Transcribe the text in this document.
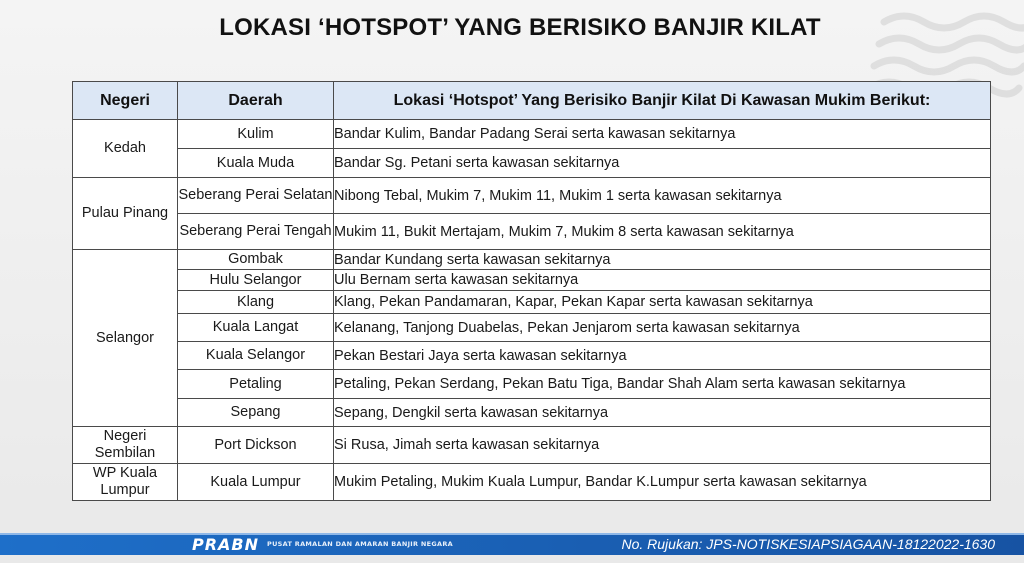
LOKASI ‘HOTSPOT’ YANG BERISIKO BANJIR KILAT
Negeri	Daerah	Lokasi ‘Hotspot’ Yang Berisiko Banjir Kilat Di Kawasan Mukim Berikut:
Kedah	Kulim	Bandar Kulim, Bandar Padang Serai serta kawasan sekitarnya
	Kuala Muda	Bandar Sg. Petani serta kawasan sekitarnya
Pulau Pinang	Seberang Perai Selatan	Nibong Tebal, Mukim 7, Mukim 11, Mukim 1 serta kawasan sekitarnya
	Seberang Perai Tengah	Mukim 11, Bukit Mertajam, Mukim 7, Mukim 8 serta kawasan sekitarnya
Selangor	Gombak	Bandar Kundang serta kawasan sekitarnya
	Hulu Selangor	Ulu Bernam serta kawasan sekitarnya
	Klang	Klang, Pekan Pandamaran, Kapar, Pekan Kapar serta kawasan sekitarnya
	Kuala Langat	Kelanang, Tanjong Duabelas, Pekan Jenjarom serta kawasan sekitarnya
	Kuala Selangor	Pekan Bestari Jaya serta kawasan sekitarnya
	Petaling	Petaling, Pekan Serdang, Pekan Batu Tiga, Bandar Shah Alam serta kawasan sekitarnya
	Sepang	Sepang, Dengkil serta kawasan sekitarnya
Negeri Sembilan	Port Dickson	Si Rusa, Jimah serta kawasan sekitarnya
WP Kuala Lumpur	Kuala Lumpur	Mukim Petaling, Mukim Kuala Lumpur, Bandar K.Lumpur serta kawasan sekitarnya
PRABN PUSAT RAMALAN DAN AMARAN BANJIR NEGARA	No. Rujukan: JPS-NOTISKESIAPSIAGAAN-18122022-1630
